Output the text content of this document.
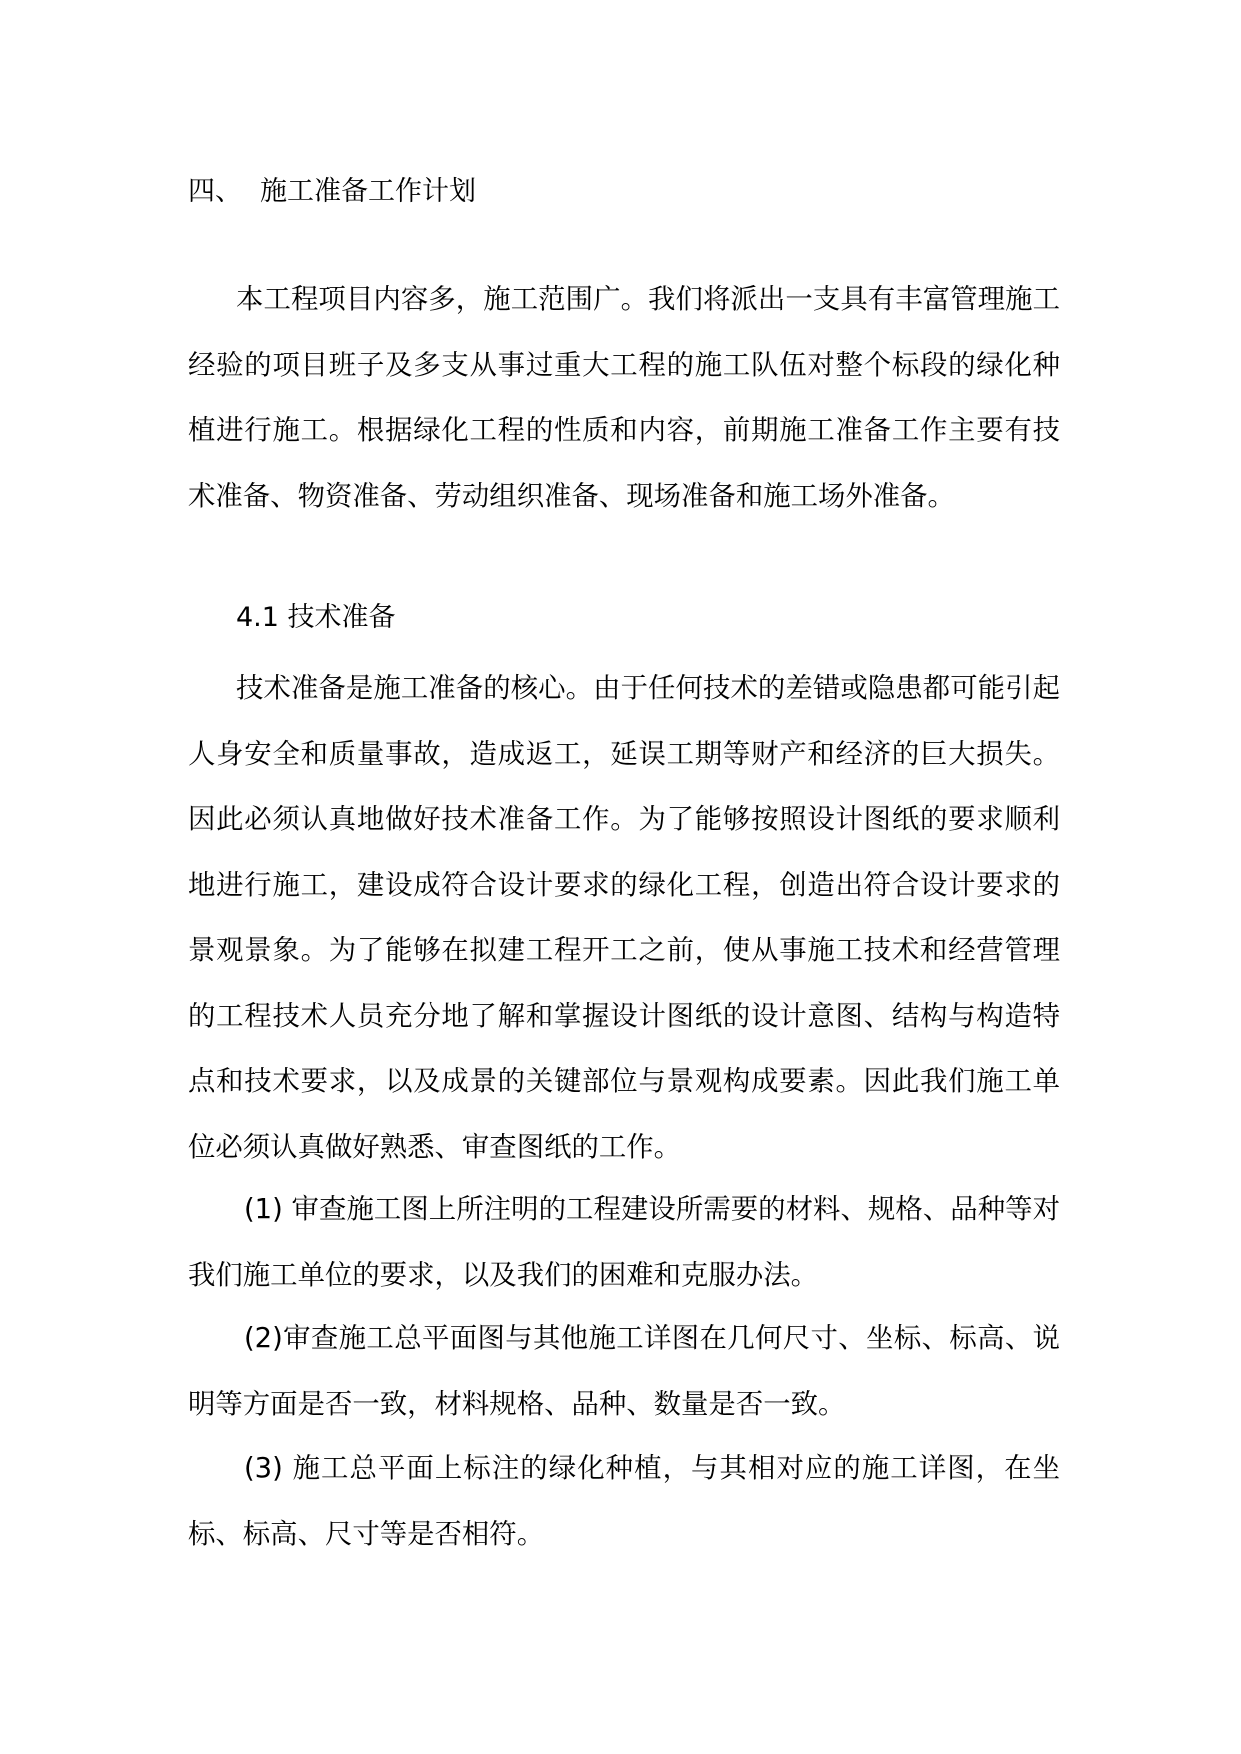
四、 施工准备工作计划
本工程项目内容多，施工范围广。我们将派出一支具有丰富管理施工经验的项目班子及多支从事过重大工程的施工队伍对整个标段的绿化种植进行施工。根据绿化工程的性质和内容，前期施工准备工作主要有技术准备、物资准备、劳动组织准备、现场准备和施工场外准备。
4.1 技术准备
技术准备是施工准备的核心。由于任何技术的差错或隐患都可能引起人身安全和质量事故，造成返工，延误工期等财产和经济的巨大损失。因此必须认真地做好技术准备工作。为了能够按照设计图纸的要求顺利地进行施工，建设成符合设计要求的绿化工程，创造出符合设计要求的景观景象。为了能够在拟建工程开工之前，使从事施工技术和经营管理的工程技术人员充分地了解和掌握设计图纸的设计意图、结构与构造特点和技术要求，以及成景的关键部位与景观构成要素。因此我们施工单位必须认真做好熟悉、审查图纸的工作。
(1) 审查施工图上所注明的工程建设所需要的材料、规格、品种等对我们施工单位的要求，以及我们的困难和克服办法。
(2)审查施工总平面图与其他施工详图在几何尺寸、坐标、标高、说明等方面是否一致，材料规格、品种、数量是否一致。
(3) 施工总平面上标注的绿化种植，与其相对应的施工详图，在坐标、标高、尺寸等是否相符。
